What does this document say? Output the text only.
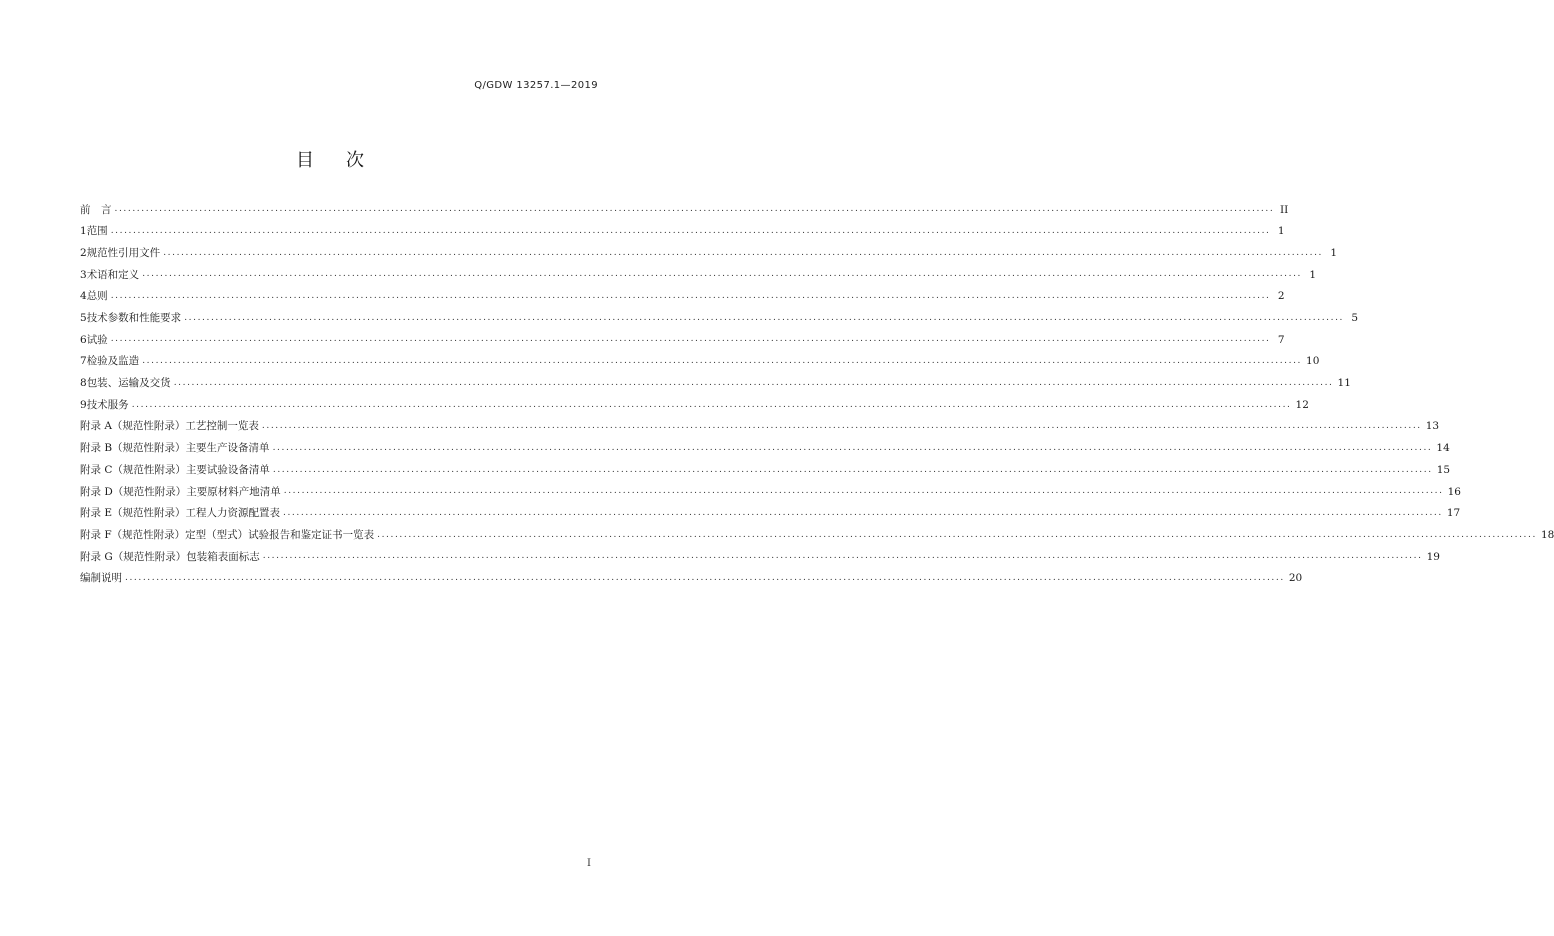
Q/GDW 13257.1—2019
目 次
前　言 .................................................................................................................................................................................................................................................................... II
1 范围 .................................................................................................................................................................................................................................................................... 1
2 规范性引用文件 .................................................................................................................................................................................................................................................................... 1
3 术语和定义 .................................................................................................................................................................................................................................................................... 1
4 总则 .................................................................................................................................................................................................................................................................... 2
5 技术参数和性能要求 .................................................................................................................................................................................................................................................................... 5
6 试验 .................................................................................................................................................................................................................................................................... 7
7 检验及监造 .................................................................................................................................................................................................................................................................... 10
8 包装、运输及交货 .................................................................................................................................................................................................................................................................... 11
9 技术服务 .................................................................................................................................................................................................................................................................... 12
附录 A（规范性附录） 工艺控制一览表 .................................................................................................................................................................................................................................................................... 13
附录 B（规范性附录） 主要生产设备清单 .................................................................................................................................................................................................................................................................... 14
附录 C（规范性附录） 主要试验设备清单 .................................................................................................................................................................................................................................................................... 15
附录 D（规范性附录） 主要原材料产地清单 .................................................................................................................................................................................................................................................................... 16
附录 E（规范性附录） 工程人力资源配置表 .................................................................................................................................................................................................................................................................... 17
附录 F（规范性附录） 定型（型式）试验报告和鉴定证书一览表 .................................................................................................................................................................................................................................................................... 18
附录 G（规范性附录） 包装箱表面标志 .................................................................................................................................................................................................................................................................... 19
编制说明 .................................................................................................................................................................................................................................................................... 20
I
